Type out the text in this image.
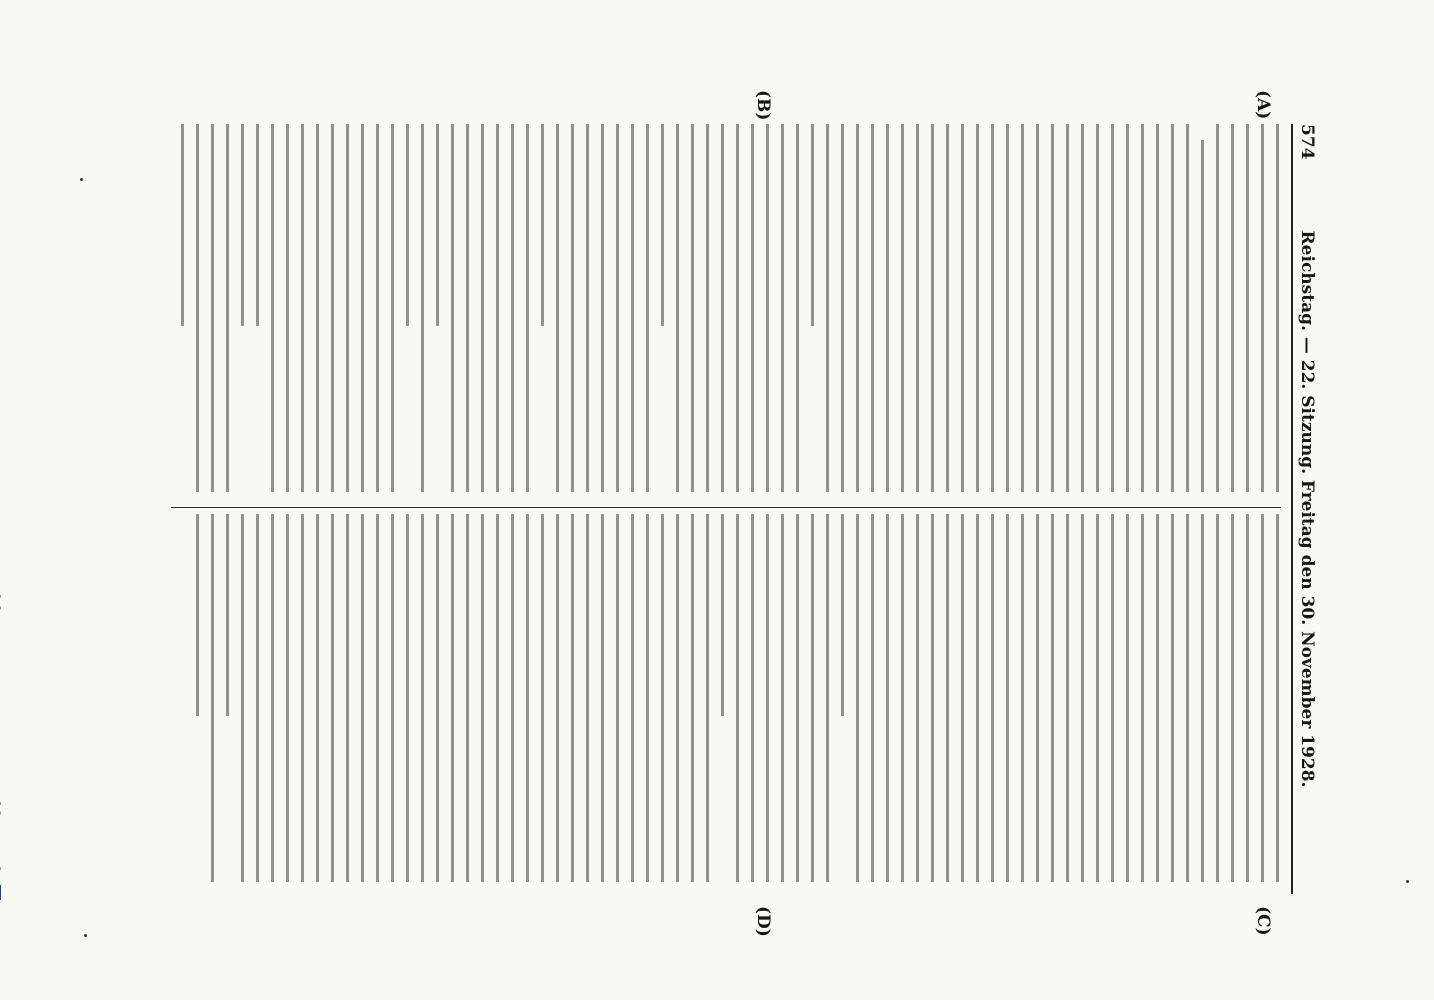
574
Reichstag. — 22. Sitzung. Freitag den 30. November 1928.
(A)
(B)
(C)
(D)
